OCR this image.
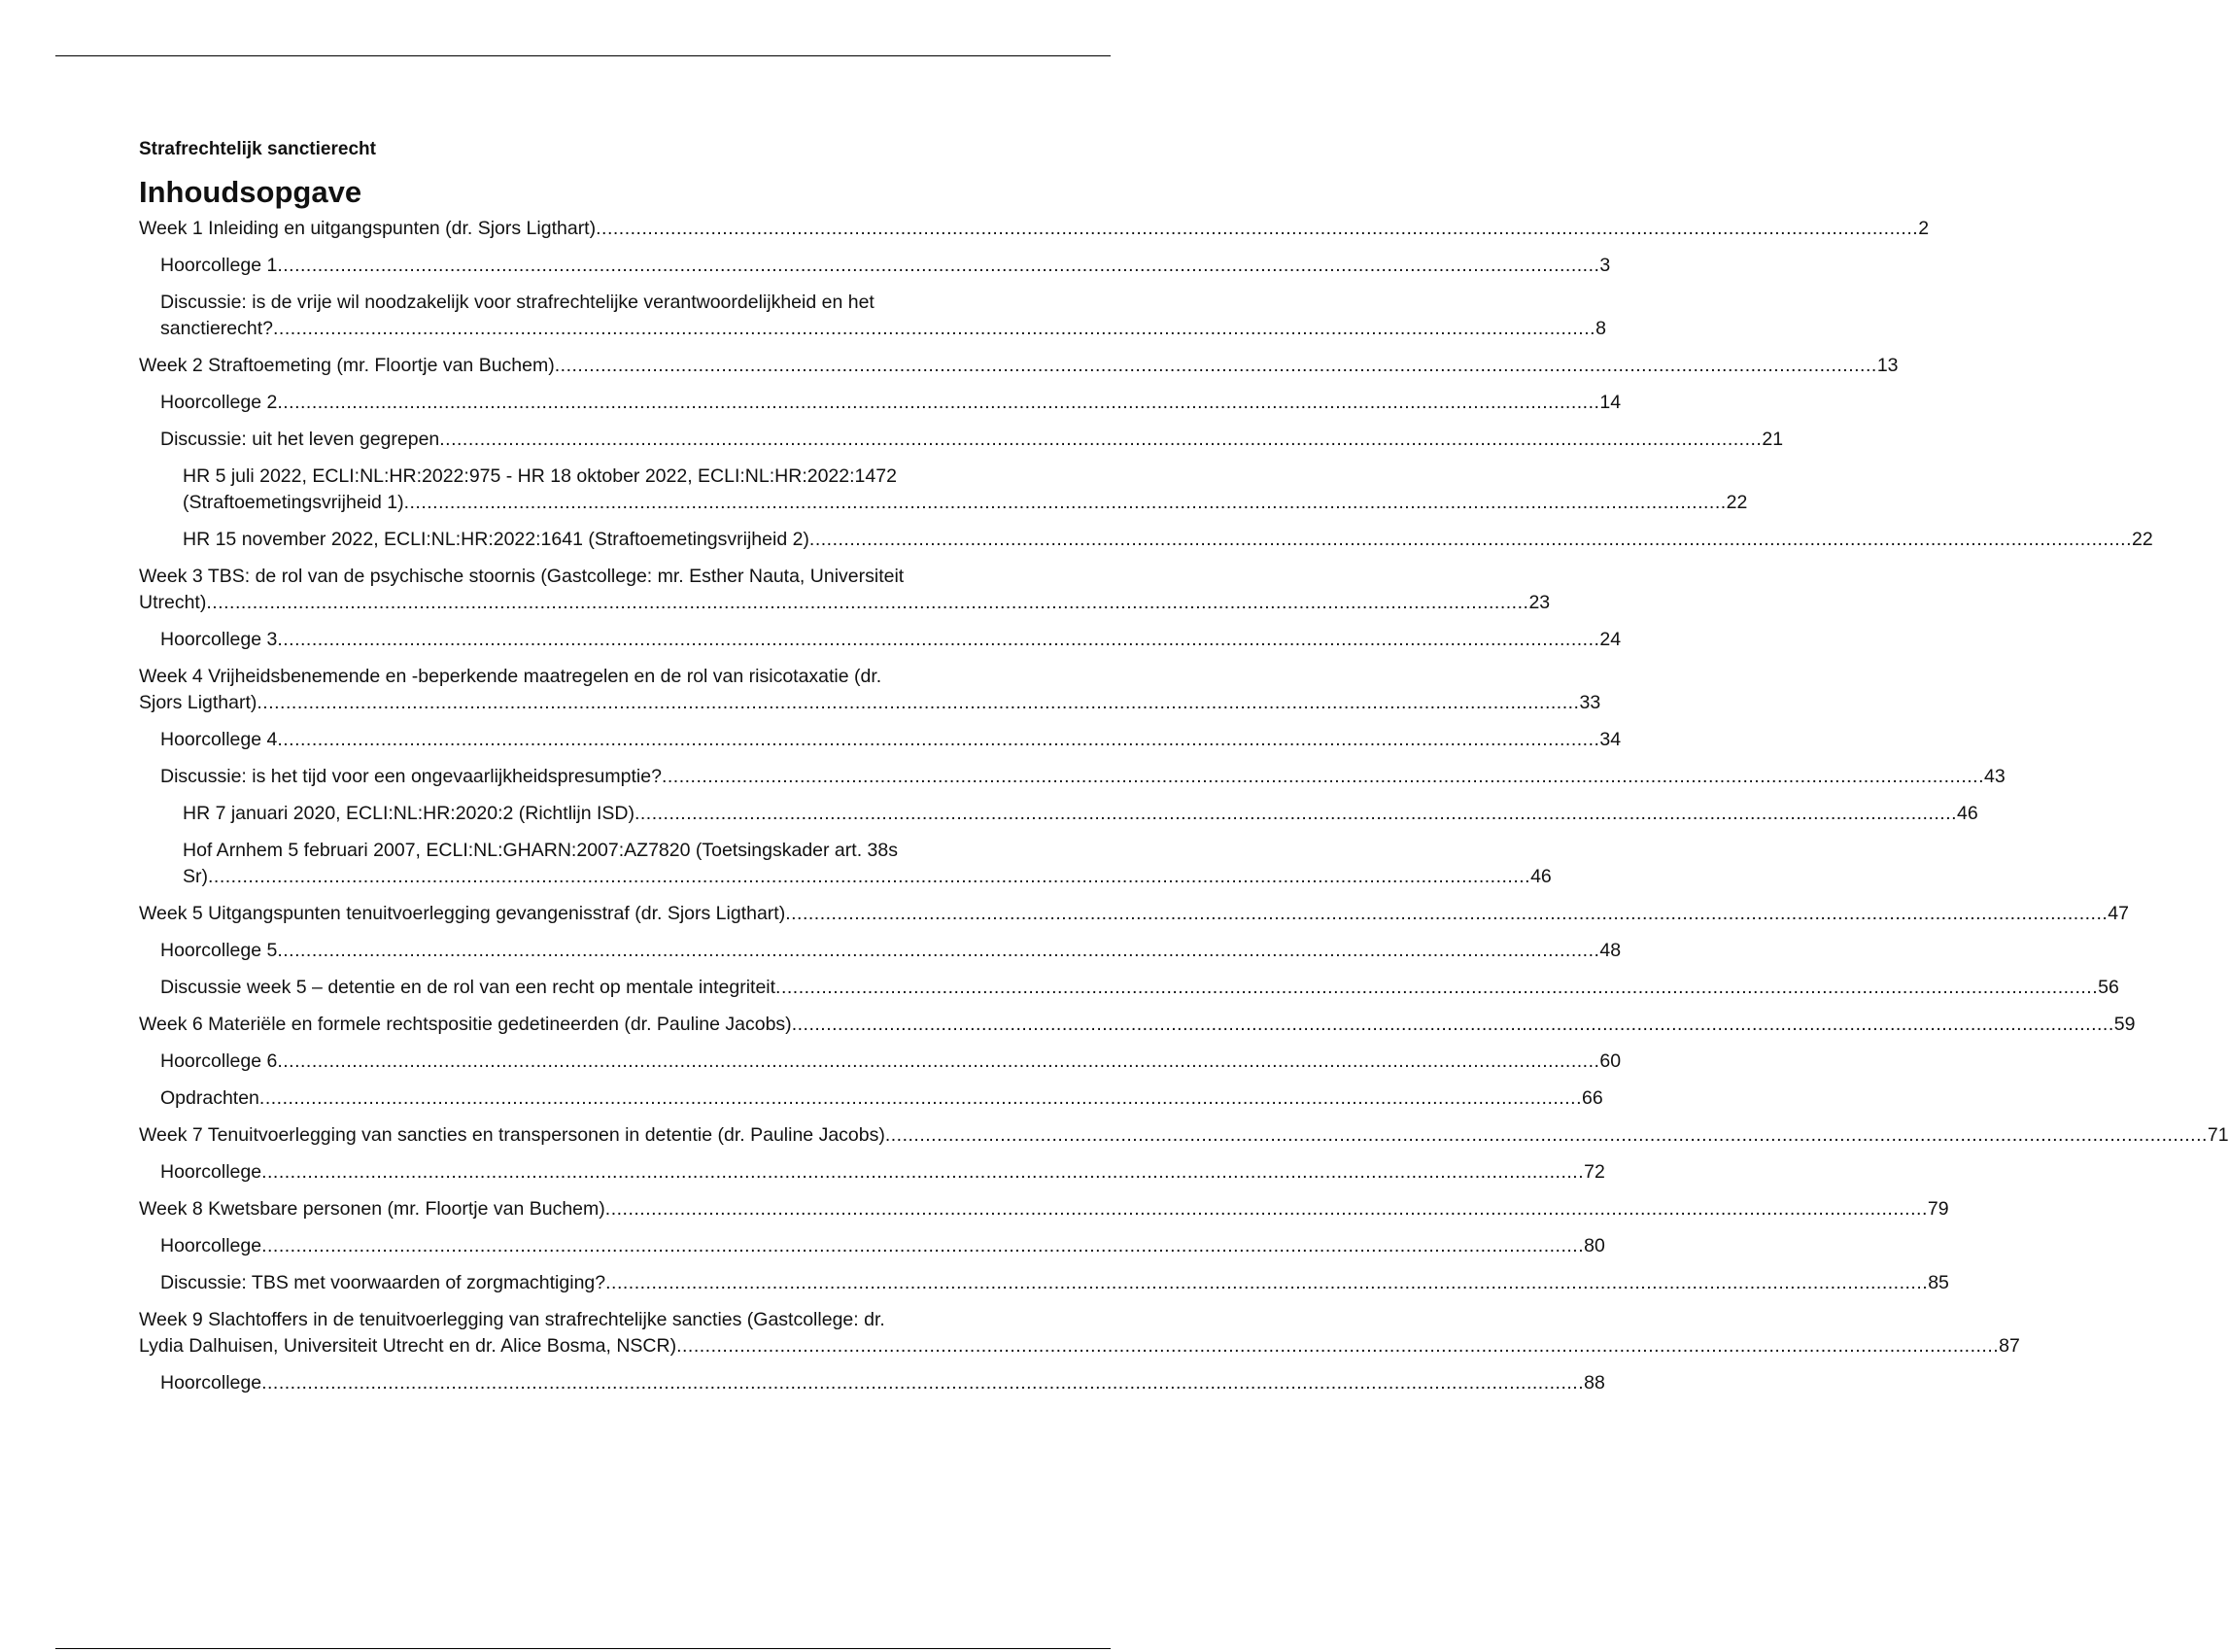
Strafrechtelijk sanctierecht

Inhoudsopgave
Week 1 Inleiding en uitgangspunten (dr. Sjors Ligthart) .....	2
Hoorcollege 1 .....	3
Discussie: is de vrije wil noodzakelijk voor strafrechtelijke verantwoordelijkheid en het
sanctierecht? .....	8
Week 2 Straftoemeting (mr. Floortje van Buchem) .....	13
Hoorcollege 2 .....	14
Discussie: uit het leven gegrepen .....	21
HR 5 juli 2022, ECLI:NL:HR:2022:975 - HR 18 oktober 2022, ECLI:NL:HR:2022:1472
(Straftoemetingsvrijheid 1) .....	22
HR 15 november 2022, ECLI:NL:HR:2022:1641 (Straftoemetingsvrijheid 2) .....	22
Week 3 TBS: de rol van de psychische stoornis (Gastcollege: mr. Esther Nauta, Universiteit
Utrecht) .....	23
Hoorcollege 3 .....	24
Week 4 Vrijheidsbenemende en -beperkende maatregelen en de rol van risicotaxatie (dr.
Sjors Ligthart) .....	33
Hoorcollege 4 .....	34
Discussie: is het tijd voor een ongevaarlijkheidspresumptie? .....	43
HR 7 januari 2020, ECLI:NL:HR:2020:2 (Richtlijn ISD) .....	46
Hof Arnhem 5 februari 2007, ECLI:NL:GHARN:2007:AZ7820 (Toetsingskader art. 38s
Sr) .....	46
Week 5 Uitgangspunten tenuitvoerlegging gevangenisstraf (dr. Sjors Ligthart) .....	47
Hoorcollege 5 .....	48
Discussie week 5 – detentie en de rol van een recht op mentale integriteit .....	56
Week 6 Materiële en formele rechtspositie gedetineerden (dr. Pauline Jacobs) .....	59
Hoorcollege 6 .....	60
Opdrachten .....	66
Week 7 Tenuitvoerlegging van sancties en transpersonen in detentie (dr. Pauline Jacobs) .....	71
Hoorcollege .....	72
Week 8 Kwetsbare personen (mr. Floortje van Buchem) .....	79
Hoorcollege .....	80
Discussie: TBS met voorwaarden of zorgmachtiging? .....	85
Week 9 Slachtoffers in de tenuitvoerlegging van strafrechtelijke sancties (Gastcollege: dr.
Lydia Dalhuisen, Universiteit Utrecht en dr. Alice Bosma, NSCR) .....	87
Hoorcollege .....	88
